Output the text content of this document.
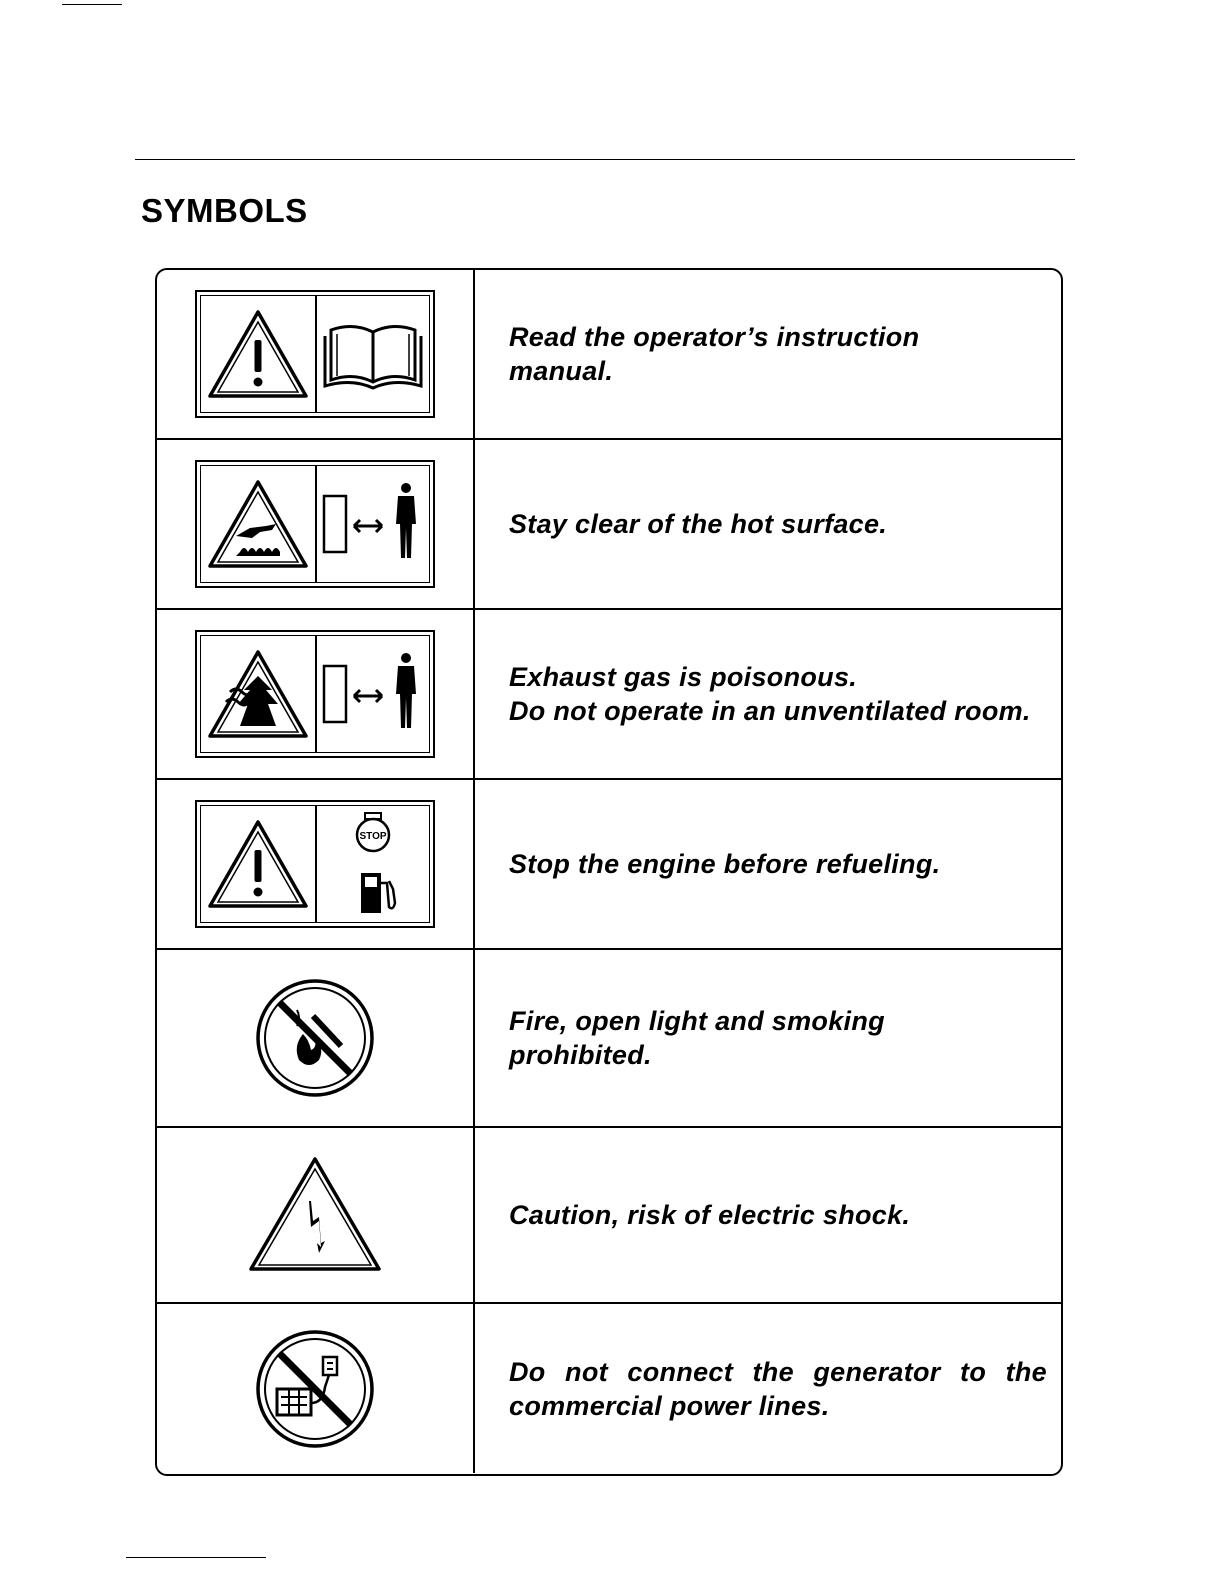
SYMBOLS
Read the operator’s instruction
manual.
Stay clear of the hot surface.
Exhaust gas is poisonous.
Do not operate in an unventilated room.
STOP
Stop the engine before refueling.
Fire, open light and smoking
prohibited.
Caution, risk of electric shock.
Do not connect the generator to the commercial power lines.
